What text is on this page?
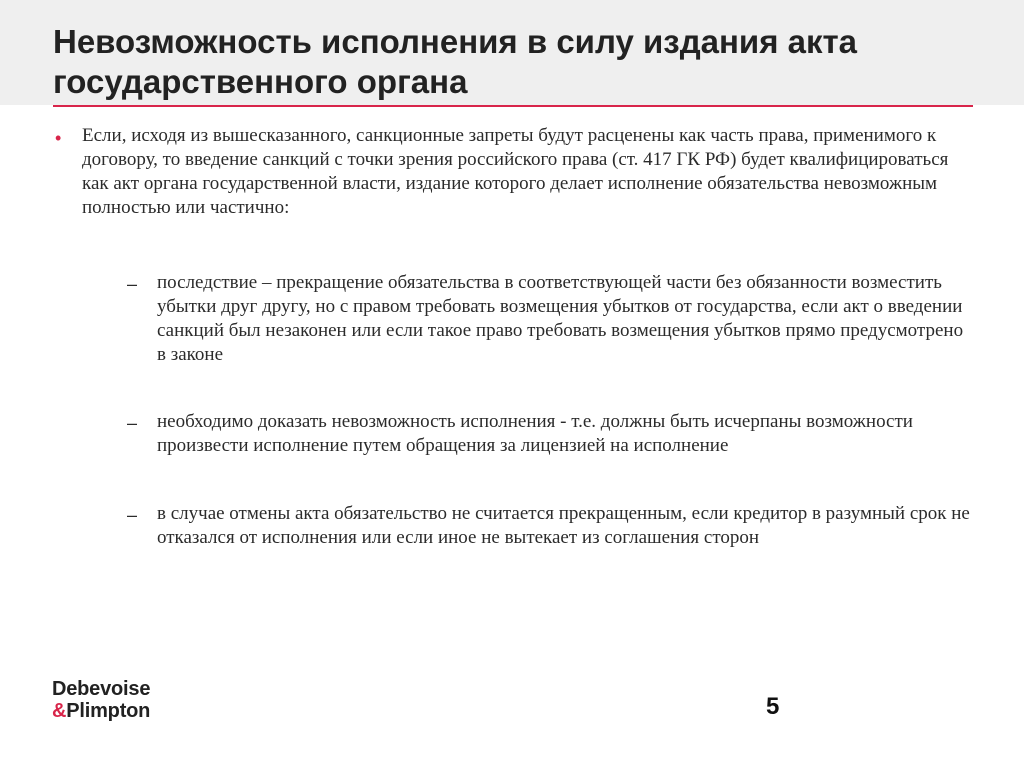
Невозможность исполнения в силу издания акта государственного органа
• Если, исходя из вышесказанного, санкционные запреты будут расценены как часть права, применимого к договору, то введение санкций с точки зрения российского права (ст. 417 ГК РФ) будет квалифицироваться как акт органа государственной власти, издание которого делает исполнение обязательства невозможным полностью или частично:

– последствие – прекращение обязательства в соответствующей части без обязанности возместить убытки друг другу, но с правом требовать возмещения убытков от государства, если акт о введении санкций был незаконен или если такое право требовать возмещения убытков прямо предусмотрено в законе

– необходимо доказать невозможность исполнения - т.е. должны быть исчерпаны возможности произвести исполнение путем обращения за лицензией на исполнение

– в случае отмены акта обязательство не считается прекращенным, если кредитор в разумный срок не отказался от исполнения или если иное не вытекает из соглашения сторон

Debevoise
&Plimpton	5
